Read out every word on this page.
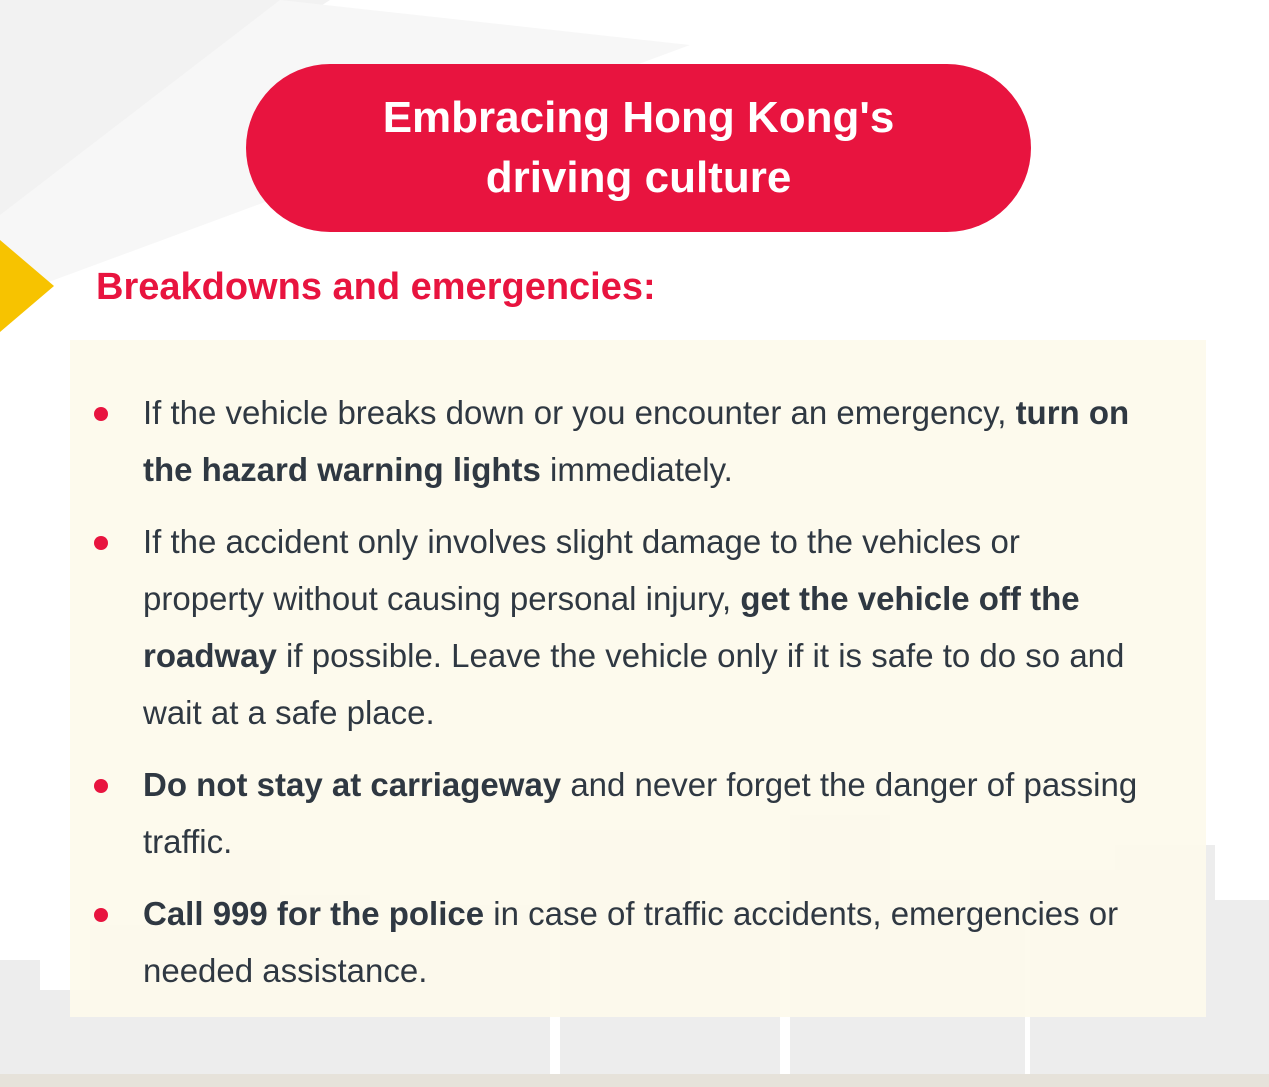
Embracing Hong Kong's
driving culture
Breakdowns and emergencies:
If the vehicle breaks down or you encounter an emergency, turn on the hazard warning lights immediately.
If the accident only involves slight damage to the vehicles or property without causing personal injury, get the vehicle off the roadway if possible. Leave the vehicle only if it is safe to do so and wait at a safe place.
Do not stay at carriageway and never forget the danger of passing traffic.
Call 999 for the police in case of traffic accidents, emergencies or needed assistance.
